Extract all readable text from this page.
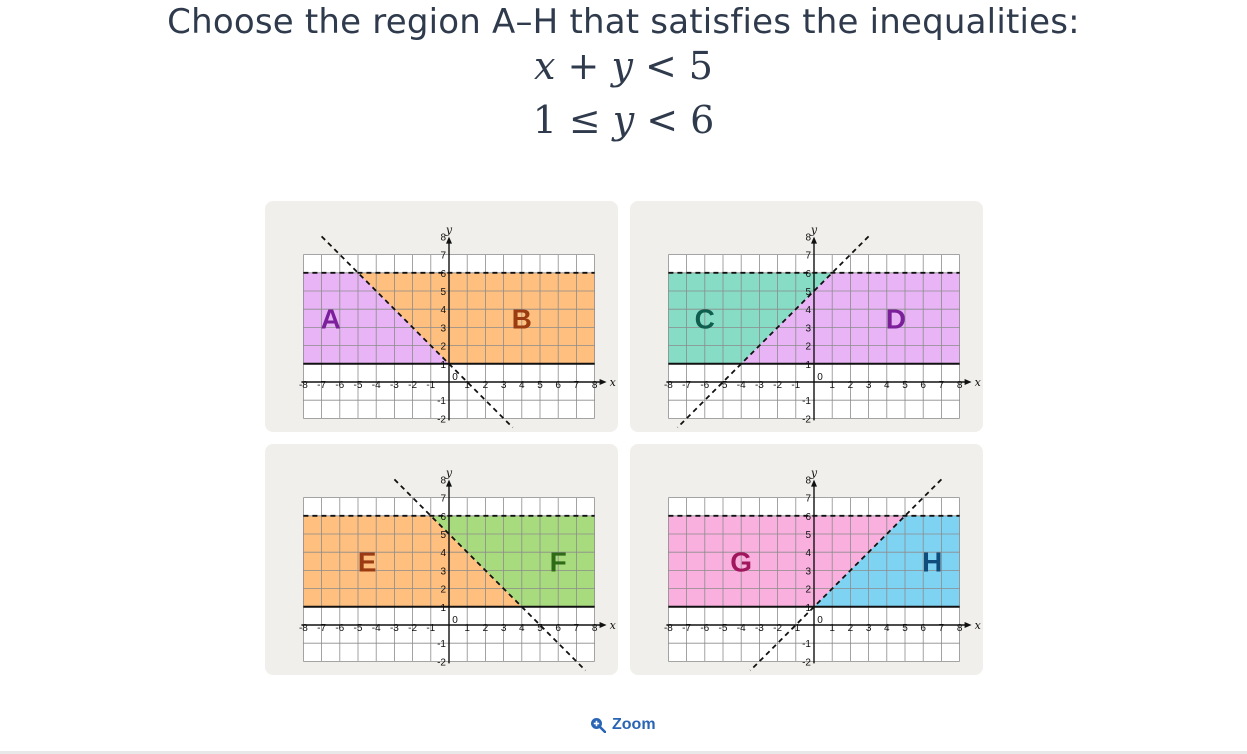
Choose the region A–H that satisfies the inequalities:
x + y < 5
1 ≤ y < 6
-8 -7 -6 -5 -4 -3 -2 -1	1 2 3 4 5 6 7 8
8
7
6
5
4
3
2
1
-1
-2
0	x
y
A	B
-8 -7 -6 -5 -4 -3 -2 -1	1 2 3 4 5 6 7 8
8
7
6
5
4
3
2
1
-1
-2
0	x
y
C	D
-8 -7 -6 -5 -4 -3 -2 -1	1 2 3 4 5 6 7 8
8
7
6
5
4
3
2
1
-1
-2
0	x
y
E	F
-8 -7 -6 -5 -4 -3 -2 -1	1 2 3 4 5 6 7 8
8
7
6
5
4
3
2
1
-1
-2
0	x
y
G	H
Zoom
